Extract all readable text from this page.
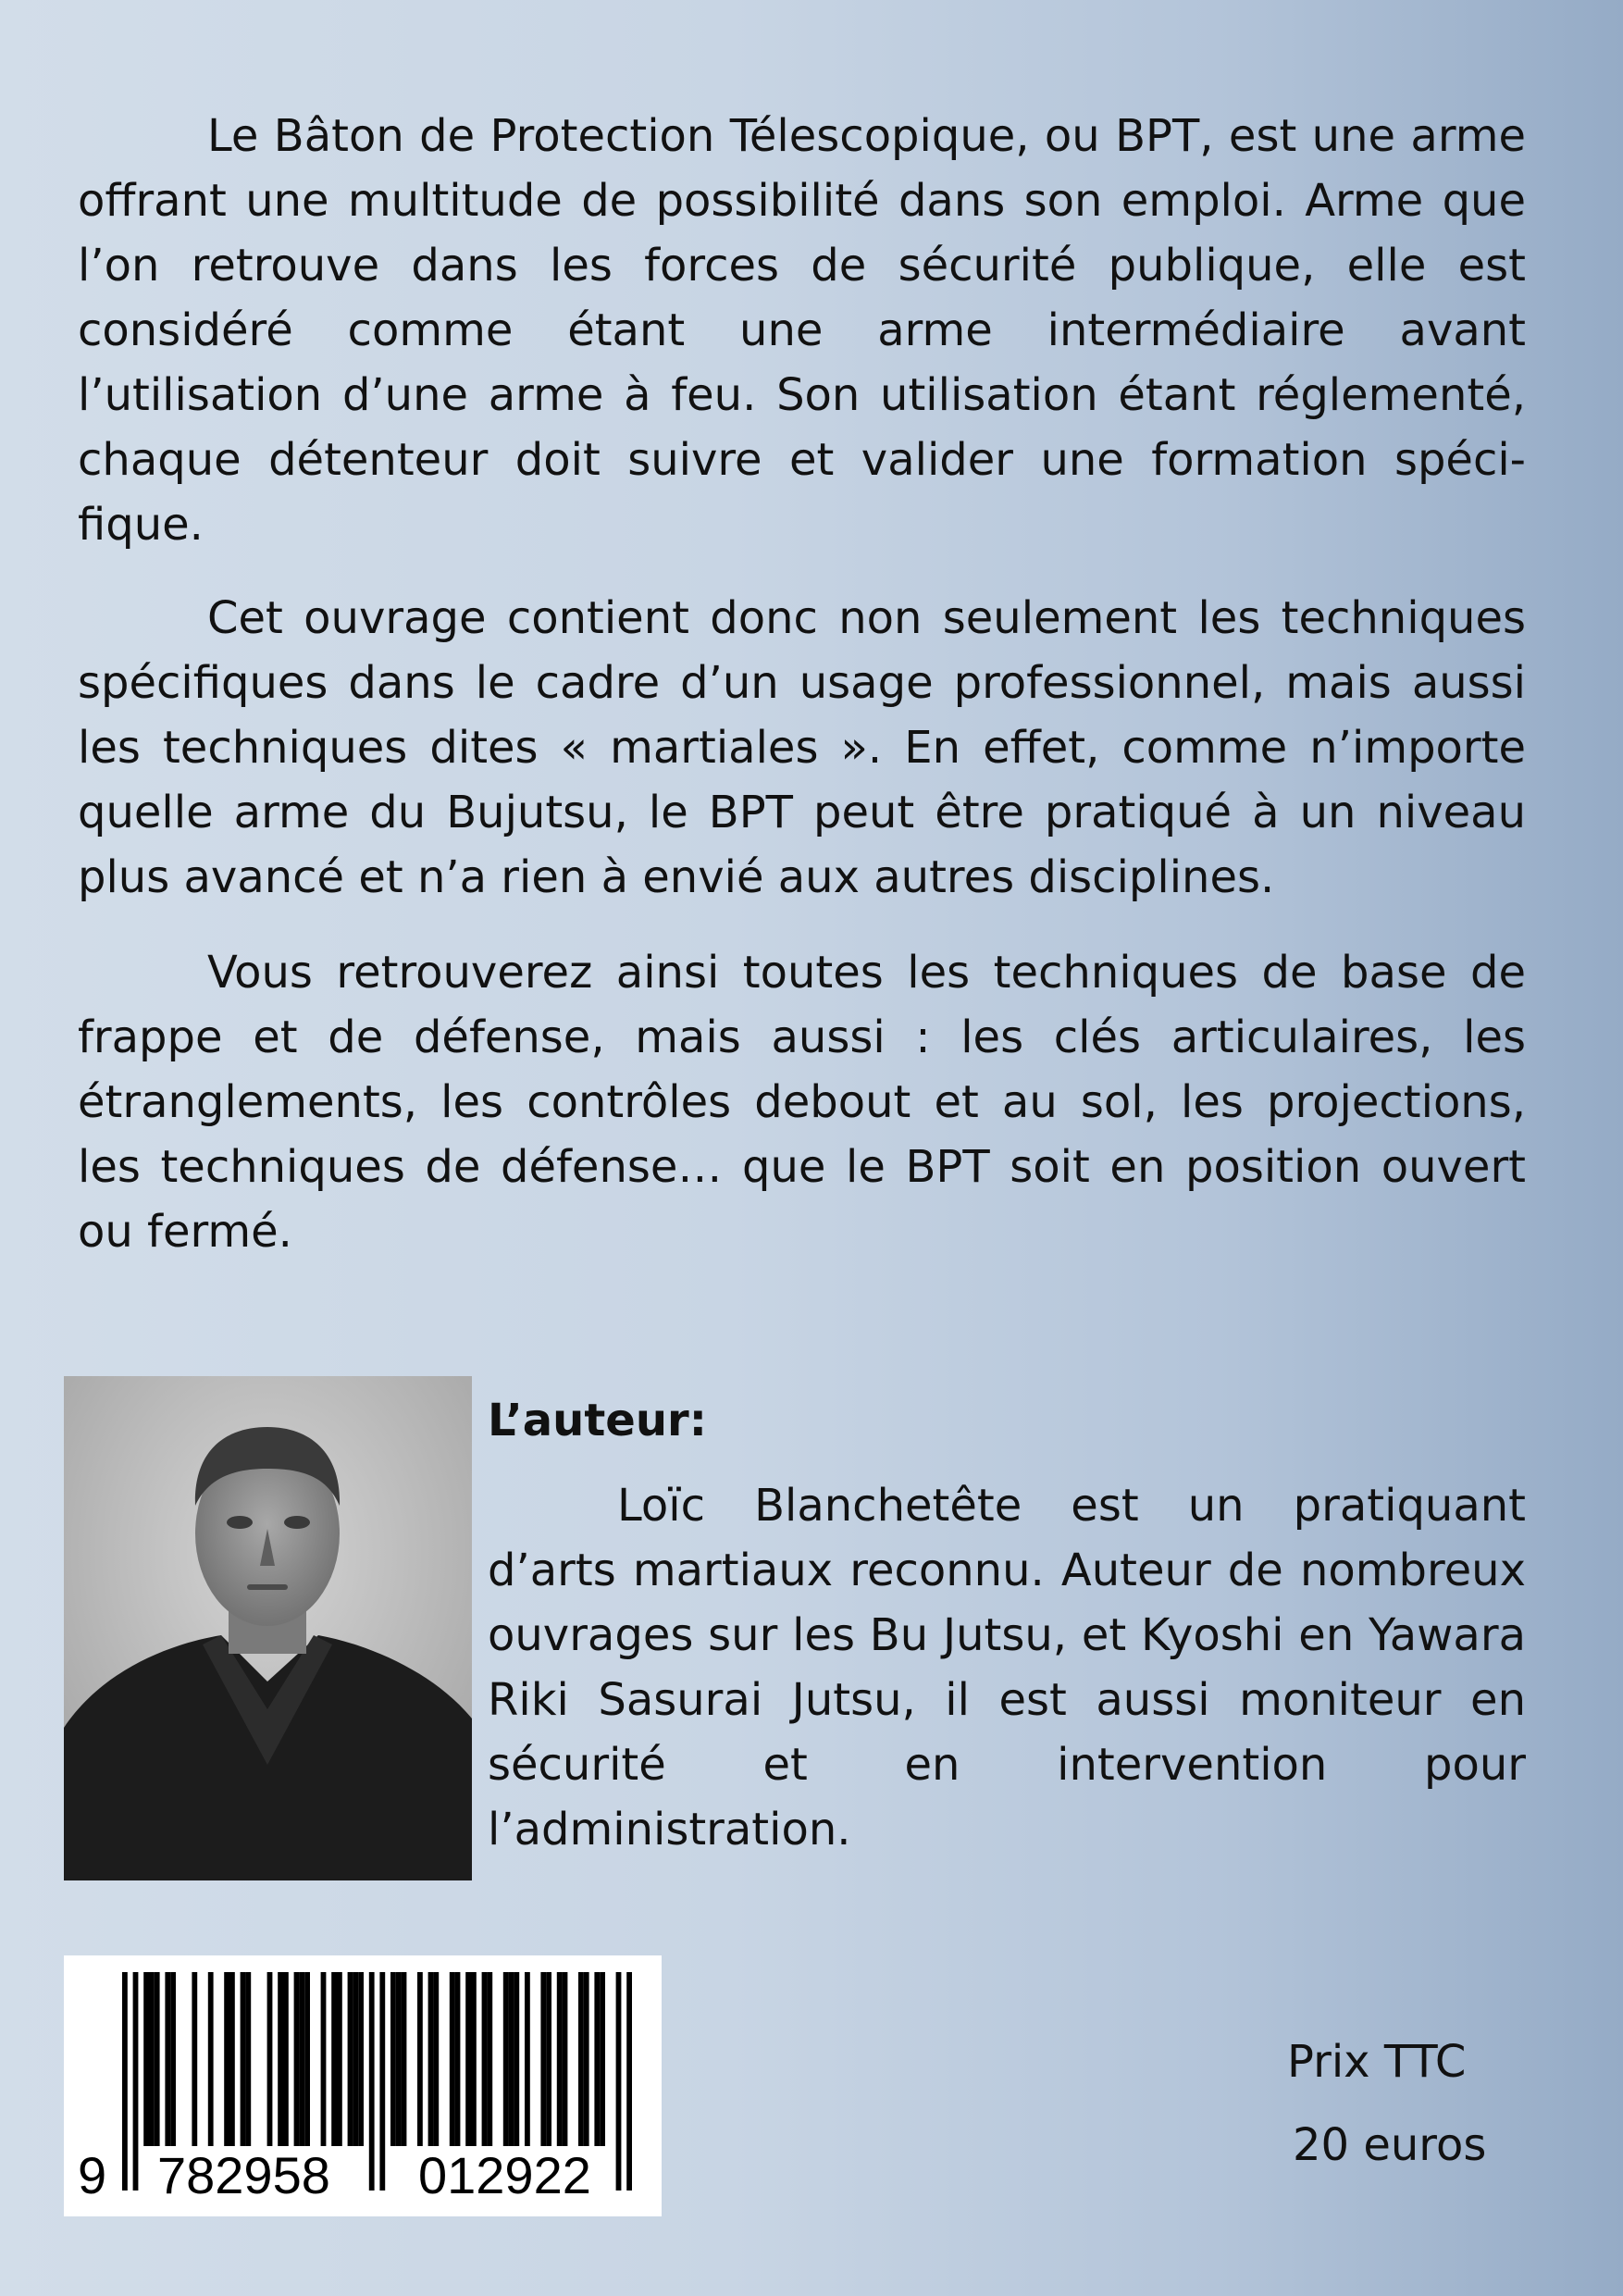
Le Bâton de Protection Télescopique, ou BPT, est une arme offrant une multitude de possibilité dans son emploi. Arme que l’on retrouve dans les forces de sécurité publique, elle est considéré comme étant une arme intermédiaire avant l’utilisation d’une arme à feu. Son utilisation étant réglementé, chaque détenteur doit suivre et valider une formation spécifique.

Cet ouvrage contient donc non seulement les techniques spécifiques dans le cadre d’un usage professionnel, mais aussi les techniques dites « martiales ». En effet, comme n’importe quelle arme du Bujutsu, le BPT peut être pratiqué à un niveau plus avancé et n’a rien à envié aux autres disciplines.

Vous retrouverez ainsi toutes les techniques de base de frappe et de défense, mais aussi : les clés articulaires, les étranglements, les contrôles debout et au sol, les projections, les techniques de défense… que le BPT soit en position ouvert ou fermé.

L’auteur:

Loïc Blanchetête est un pratiquant d’arts martiaux reconnu. Auteur de nombreux ouvrages sur les Bu Jutsu, et Kyoshi en Yawara Riki Sasurai Jutsu, il est aussi moniteur en sécurité et en intervention pour l’administration.

9 782958 012922

Prix TTC

20 euros
